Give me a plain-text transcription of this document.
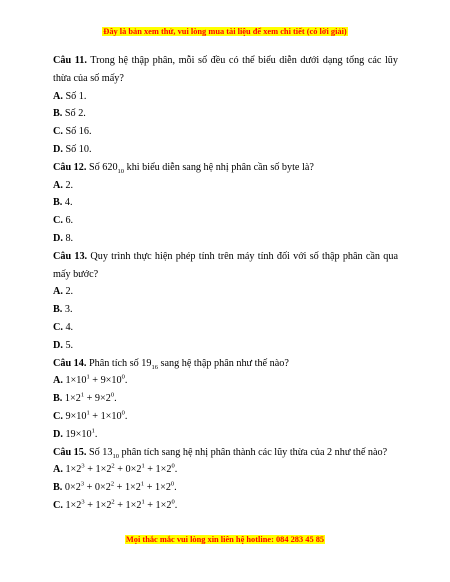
Đây là bản xem thử, vui lòng mua tài liệu để xem chi tiết (có lời giải)

Câu 11. Trong hệ thập phân, mỗi số đều có thể biểu diễn dưới dạng tổng các lũy thừa của số mấy?

A. Số 1.

B. Số 2.

C. Số 16.

D. Số 10.

Câu 12. Số $620_{10}$ khi biểu diễn sang hệ nhị phân cần số byte là?

A. 2.

B. 4.

C. 6.

D. 8.

Câu 13. Quy trình thực hiện phép tính trên máy tính đối với số thập phân cần qua mấy bước?

A. 2.

B. 3.

C. 4.

D. 5.

Câu 14. Phân tích số $19_{16}$ sang hệ thập phân như thế nào?

A. $1\times 10^1 + 9\times 10^0$.

B. $1\times 2^1 + 9\times 2^0$.

C. $9\times 10^1 + 1\times 10^0$.

D. $19\times 10^1$.

Câu 15. Số $13_{10}$ phân tích sang hệ nhị phân thành các lũy thừa của 2 như thế nào?

A. $1\times 2^3 + 1\times 2^2 + 0\times 2^1 + 1\times 2^0$.

B. $0\times 2^3 + 0\times 2^2 + 1\times 2^1 + 1\times 2^0$.

C. $1\times 2^3 + 1\times 2^2 + 1\times 2^1 + 1\times 2^0$.

Mọi thắc mắc vui lòng xin liên hệ hotline: 084 283 45 85
